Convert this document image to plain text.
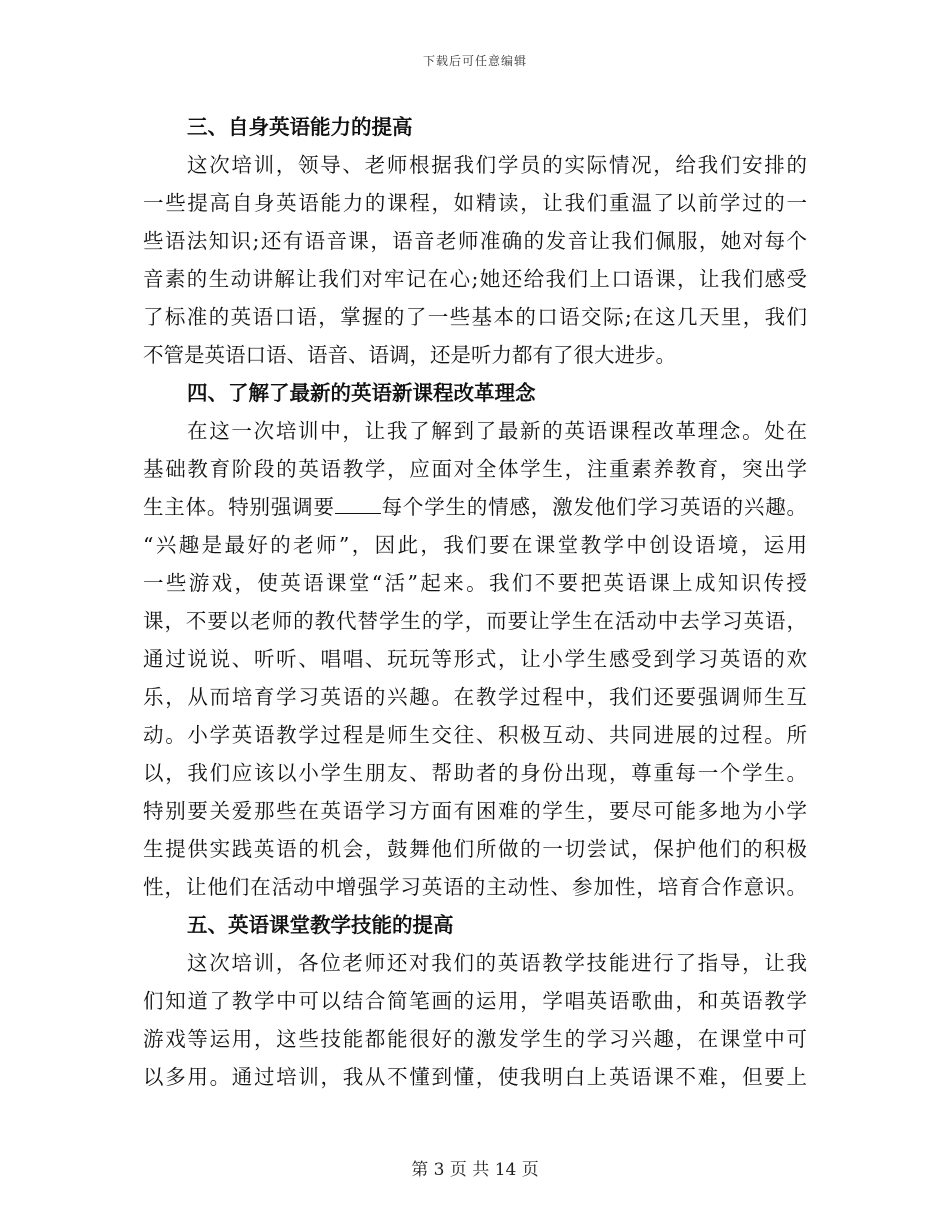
下载后可任意编辑
三、自身英语能力的提高
这次培训，领导、老师根据我们学员的实际情况，给我们安排的
一些提高自身英语能力的课程，如精读，让我们重温了以前学过的一
些语法知识;还有语音课，语音老师准确的发音让我们佩服，她对每个
音素的生动讲解让我们对牢记在心;她还给我们上口语课，让我们感受
了标准的英语口语，掌握的了一些基本的口语交际;在这几天里，我们
不管是英语口语、语音、语调，还是听力都有了很大进步。
四、了解了最新的英语新课程改革理念
在这一次培训中，让我了解到了最新的英语课程改革理念。处在
基础教育阶段的英语教学，应面对全体学生，注重素养教育，突出学
生主体。特别强调要 每个学生的情感，激发他们学习英语的兴趣。
“兴趣是最好的老师”，因此，我们要在课堂教学中创设语境，运用
一些游戏，使英语课堂“活”起来。我们不要把英语课上成知识传授
课，不要以老师的教代替学生的学，而要让学生在活动中去学习英语，
通过说说、听听、唱唱、玩玩等形式，让小学生感受到学习英语的欢
乐，从而培育学习英语的兴趣。在教学过程中，我们还要强调师生互
动。小学英语教学过程是师生交往、积极互动、共同进展的过程。所
以，我们应该以小学生朋友、帮助者的身份出现，尊重每一个学生。
特别要关爱那些在英语学习方面有困难的学生，要尽可能多地为小学
生提供实践英语的机会，鼓舞他们所做的一切尝试，保护他们的积极
性，让他们在活动中增强学习英语的主动性、参加性，培育合作意识。
五、英语课堂教学技能的提高
这次培训，各位老师还对我们的英语教学技能进行了指导，让我
们知道了教学中可以结合简笔画的运用，学唱英语歌曲，和英语教学
游戏等运用，这些技能都能很好的激发学生的学习兴趣，在课堂中可
以多用。通过培训，我从不懂到懂，使我明白上英语课不难，但要上
第 3 页 共 14 页
